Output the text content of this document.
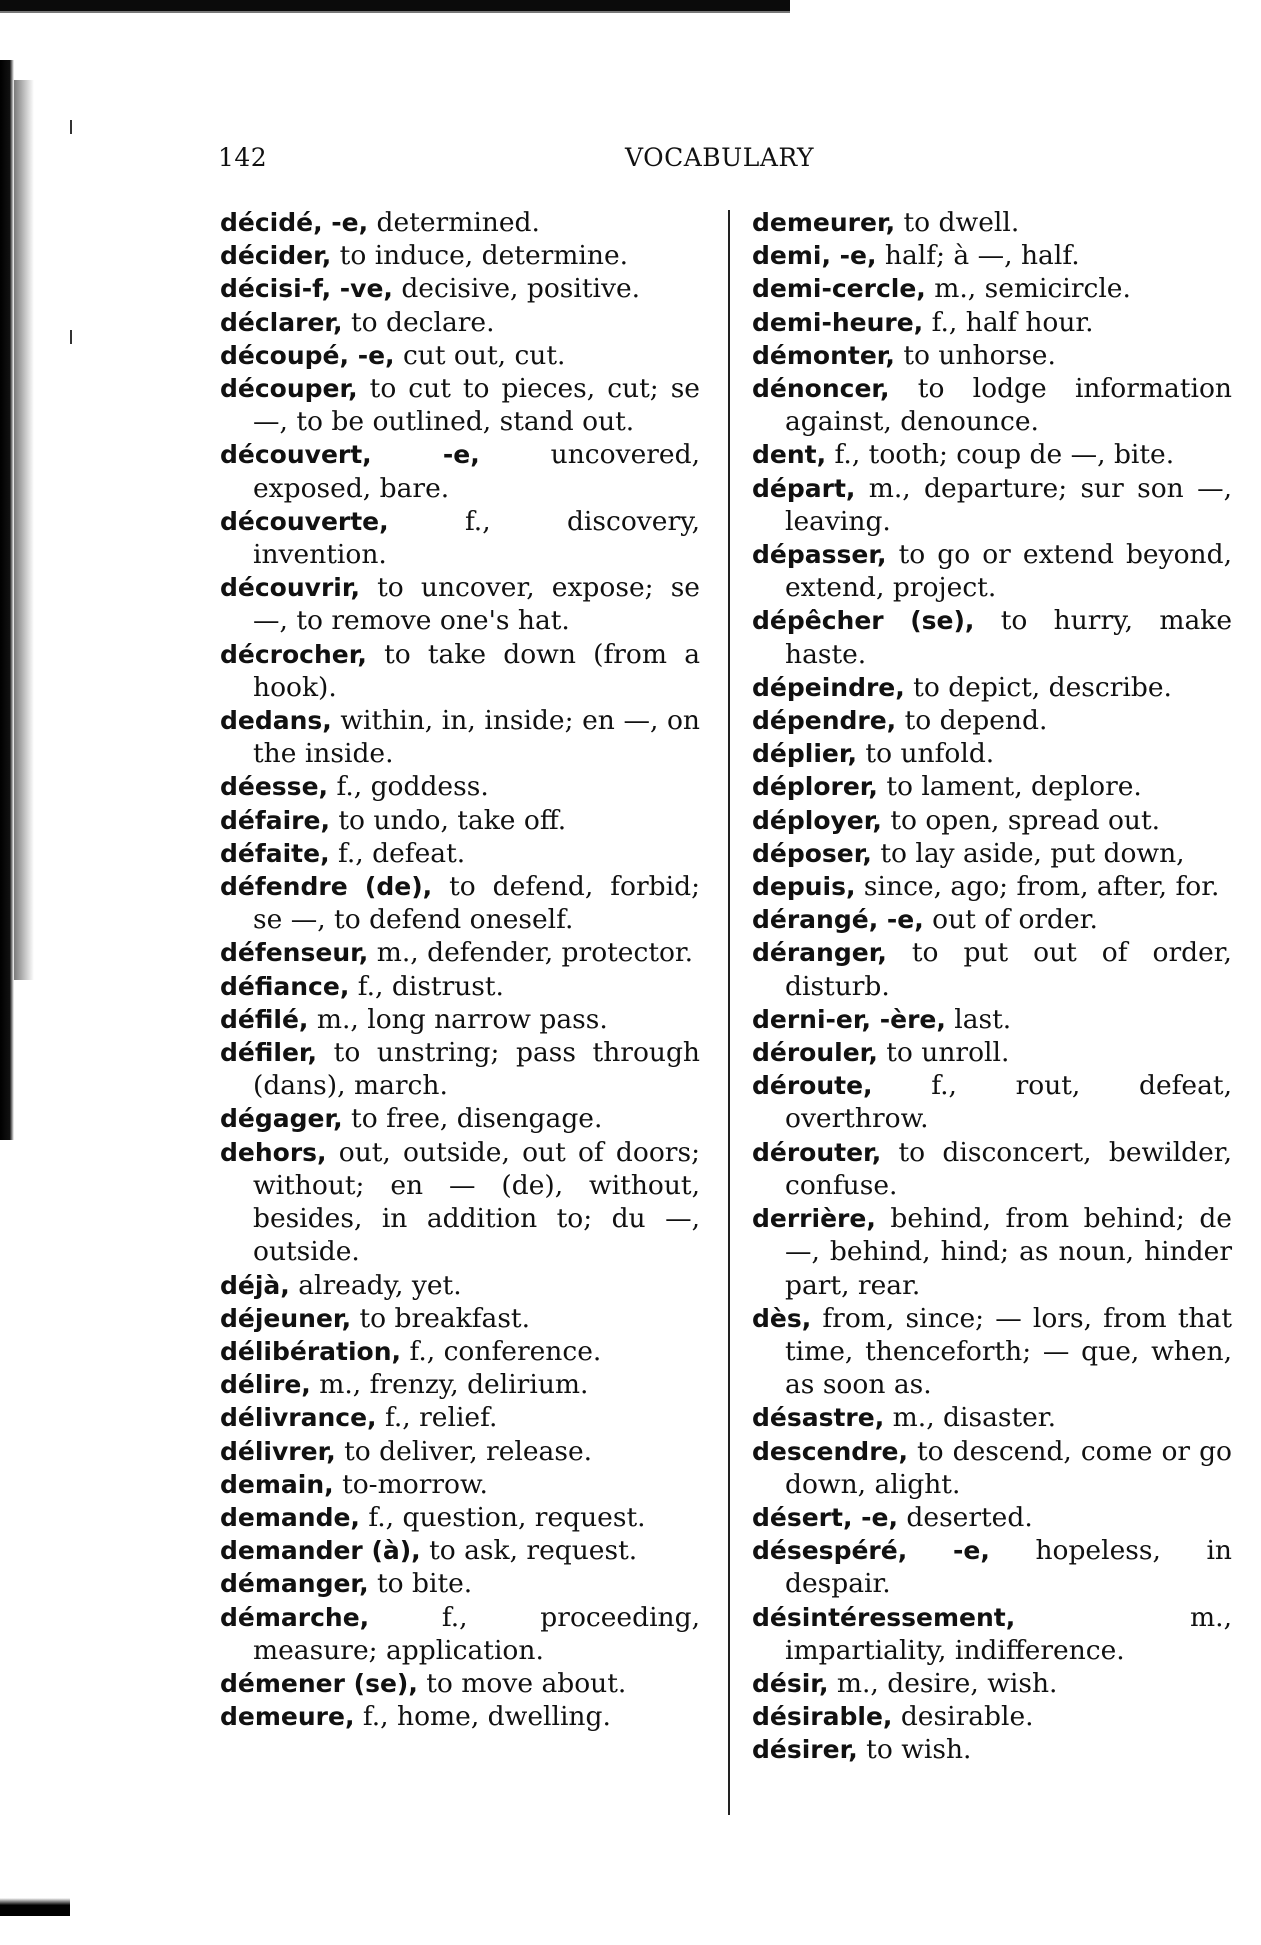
142	VOCABULARY
décidé, -e, determined.
décider, to induce, determine.
décisi-f, -ve, decisive, positive.
déclarer, to declare.
découpé, -e, cut out, cut.
découper, to cut to pieces, cut; se —, to be outlined, stand out.
découvert, -e, uncovered, exposed, bare.
découverte, f., discovery, invention.
découvrir, to uncover, expose; se —, to remove one's hat.
décrocher, to take down (from a hook).
dedans, within, in, inside; en —, on the inside.
déesse, f., goddess.
défaire, to undo, take off.
défaite, f., defeat.
défendre (de), to defend, forbid; se —, to defend oneself.
défenseur, m., defender, protector.
défiance, f., distrust.
défilé, m., long narrow pass.
défiler, to unstring; pass through (dans), march.
dégager, to free, disengage.
dehors, out, outside, out of doors; without; en — (de), without, besides, in addition to; du —, outside.
déjà, already, yet.
déjeuner, to breakfast.
délibération, f., conference.
délire, m., frenzy, delirium.
délivrance, f., relief.
délivrer, to deliver, release.
demain, to-morrow.
demande, f., question, request.
demander (à), to ask, request.
démanger, to bite.
démarche, f., proceeding, measure; application.
démener (se), to move about.
demeure, f., home, dwelling.
demeurer, to dwell.
demi, -e, half; à —, half.
demi-cercle, m., semicircle.
demi-heure, f., half hour.
démonter, to unhorse.
dénoncer, to lodge information against, denounce.
dent, f., tooth; coup de —, bite.
départ, m., departure; sur son —, leaving.
dépasser, to go or extend beyond, extend, project.
dépêcher (se), to hurry, make haste.
dépeindre, to depict, describe.
dépendre, to depend.
déplier, to unfold.
déplorer, to lament, deplore.
déployer, to open, spread out.
déposer, to lay aside, put down,
depuis, since, ago; from, after, for.
dérangé, -e, out of order.
déranger, to put out of order, disturb.
derni-er, -ère, last.
dérouler, to unroll.
déroute, f., rout, defeat, overthrow.
dérouter, to disconcert, bewilder, confuse.
derrière, behind, from behind; de —, behind, hind; as noun, hinder part, rear.
dès, from, since; — lors, from that time, thenceforth; — que, when, as soon as.
désastre, m., disaster.
descendre, to descend, come or go down, alight.
désert, -e, deserted.
désespéré, -e, hopeless, in despair.
désintéressement, m., impartiality, indifference.
désir, m., desire, wish.
désirable, desirable.
désirer, to wish.
